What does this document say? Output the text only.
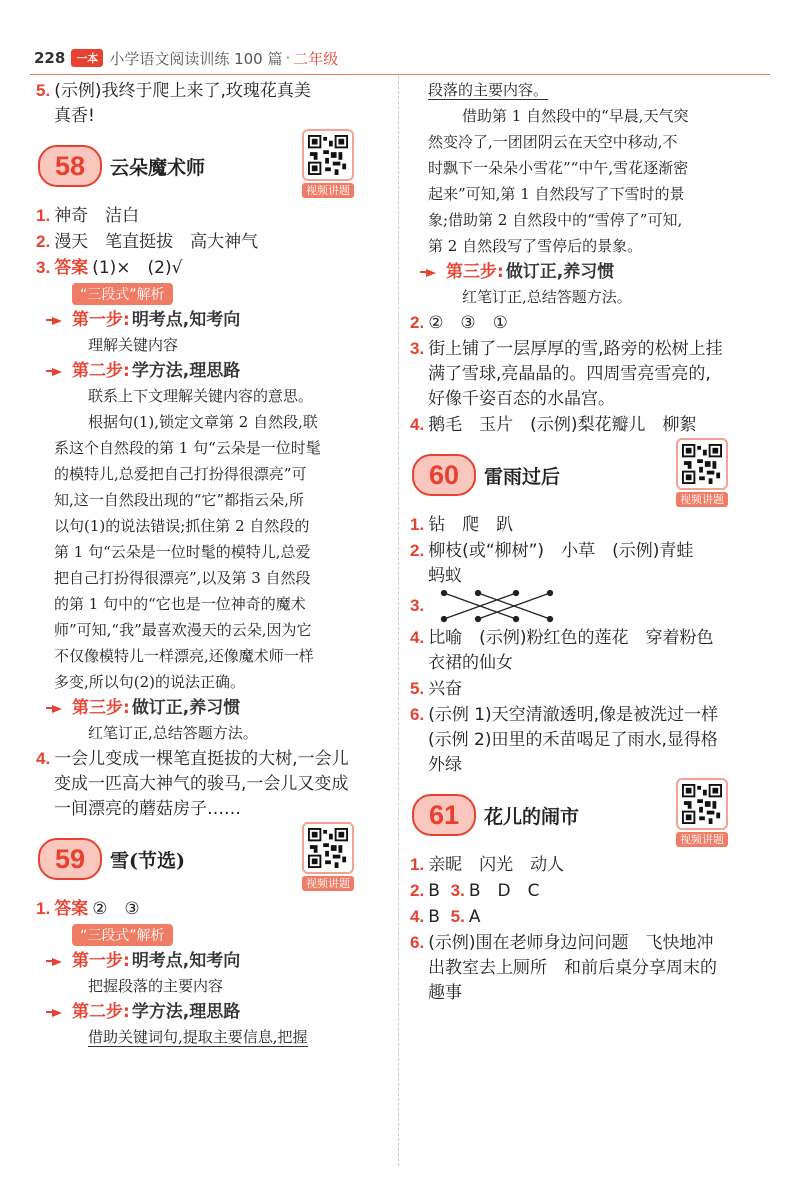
228	一本 小学语文阅读训练 100 篇 · 二年级
5. (示例)我终于爬上来了,玫瑰花真美
真香!
58	云朵魔术师
视频讲题
1. 神奇　洁白
2. 漫天　笔直挺拔　高大神气
3. 答案 (1)×　(2)√
“三段式”解析
第一步: 明考点,知考向
理解关键内容
第二步: 学方法,理思路
联系上下文理解关键内容的意思。
根据句(1),锁定文章第 2 自然段,联
系这个自然段的第 1 句“云朵是一位时髦
的模特儿,总爱把自己打扮得很漂亮”可
知,这一自然段出现的“它”都指云朵,所
以句(1)的说法错误;抓住第 2 自然段的
第 1 句“云朵是一位时髦的模特儿,总爱
把自己打扮得很漂亮”,以及第 3 自然段
的第 1 句中的“它也是一位神奇的魔术
师”可知,“我”最喜欢漫天的云朵,因为它
不仅像模特儿一样漂亮,还像魔术师一样
多变,所以句(2)的说法正确。
第三步: 做订正,养习惯
红笔订正,总结答题方法。
4. 一会儿变成一棵笔直挺拔的大树,一会儿
变成一匹高大神气的骏马,一会儿又变成
一间漂亮的蘑菇房子……
59	雪(节选)
视频讲题
1. 答案 ②　③
“三段式”解析
第一步: 明考点,知考向
把握段落的主要内容
第二步: 学方法,理思路
借助关键词句,提取主要信息,把握
段落的主要内容。
借助第 1 自然段中的“早晨,天气突
然变冷了,一团团阴云在天空中移动,不
时飘下一朵朵小雪花”“中午,雪花逐渐密
起来”可知,第 1 自然段写了下雪时的景
象;借助第 2 自然段中的“雪停了”可知,
第 2 自然段写了雪停后的景象。
第三步: 做订正,养习惯
红笔订正,总结答题方法。
2. ②　③　①
3. 街上铺了一层厚厚的雪,路旁的松树上挂
满了雪球,亮晶晶的。四周雪亮雪亮的,
好像千姿百态的水晶宫。
4. 鹅毛　玉片　(示例)梨花瓣儿　柳絮
60	雷雨过后
视频讲题
1. 钻　爬　趴
2. 柳枝(或“柳树”)　小草　(示例)青蛙
蚂蚁
3.
4. 比喻　(示例)粉红色的莲花　穿着粉色
衣裙的仙女
5. 兴奋
6. (示例 1)天空清澈透明,像是被洗过一样
(示例 2)田里的禾苗喝足了雨水,显得格
外绿
61	花儿的闹市
视频讲题
1. 亲昵　闪光　动人
2. B 3. B　D　C
4. B 5. A
6. (示例)围在老师身边问问题　飞快地冲
出教室去上厕所　和前后桌分享周末的
趣事
